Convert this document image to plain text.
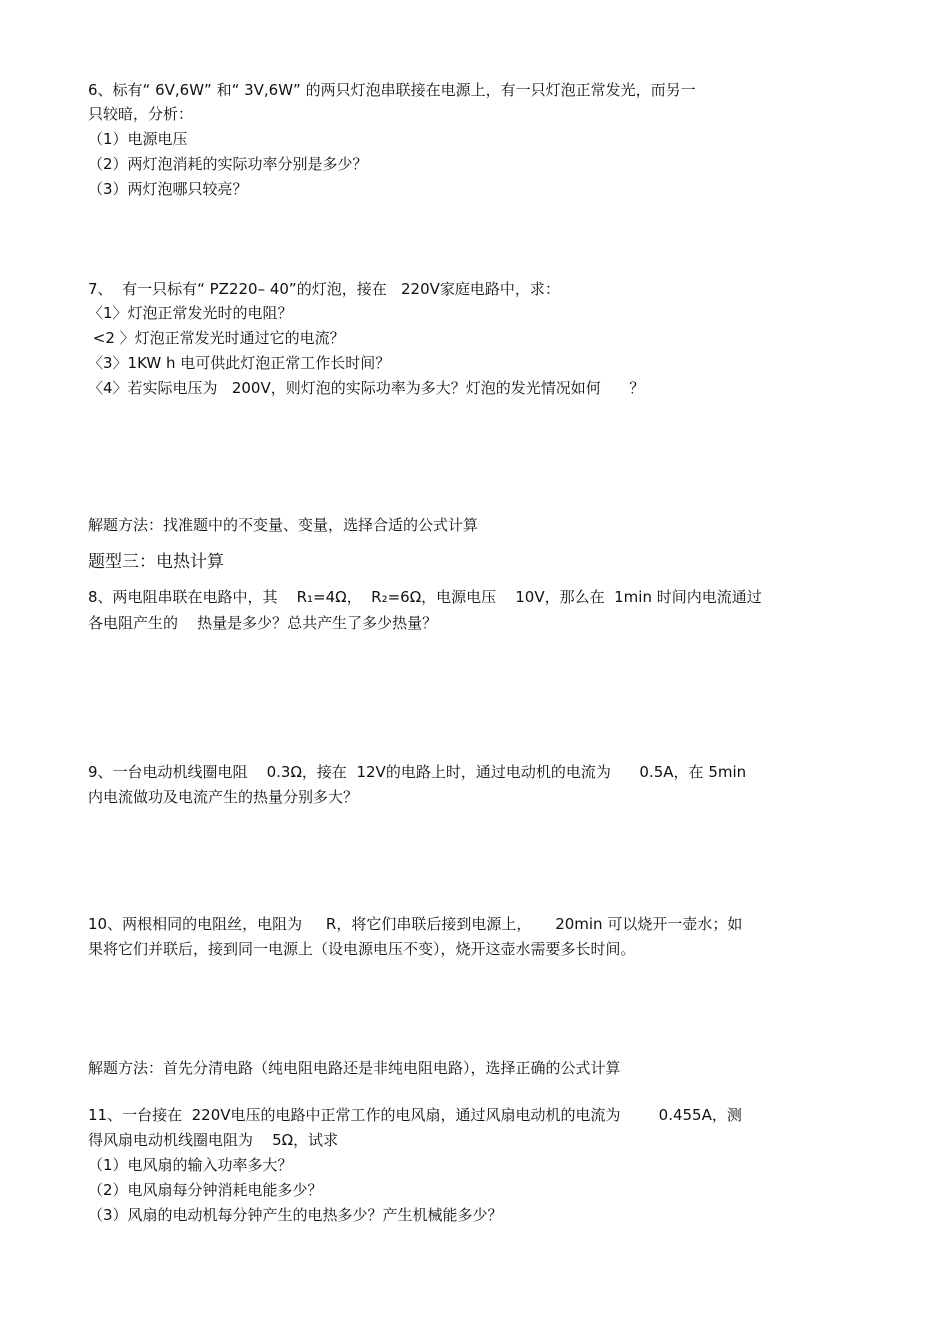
6、标有“ 6V,6W” 和“ 3V,6W” 的两只灯泡串联接在电源上，有一只灯泡正常发光，而另一
只较暗，分析：
（1）电源电压
（2）两灯泡消耗的实际功率分别是多少？
（3）两灯泡哪只较亮？
7、  有一只标有“ PZ220– 40”的灯泡，接在   220V家庭电路中，求：
〈1〉灯泡正常发光时的电阻？
<2 〉灯泡正常发光时通过它的电流？
〈3〉1KW h 电可供此灯泡正常工作长时间？
〈4〉若实际电压为   200V，则灯泡的实际功率为多大？灯泡的发光情况如何      ？
解题方法：找准题中的不变量、变量，选择合适的公式计算
题型三：电热计算
8、两电阻串联在电路中，其    R₁=4Ω，  R₂=6Ω，电源电压    10V，那么在  1min 时间内电流通过
各电阻产生的    热量是多少？总共产生了多少热量？
9、一台电动机线圈电阻    0.3Ω，接在  12V的电路上时，通过电动机的电流为      0.5A，在 5min
内电流做功及电流产生的热量分别多大？
10、两根相同的电阻丝，电阻为     R，将它们串联后接到电源上，     20min 可以烧开一壶水；如
果将它们并联后，接到同一电源上（设电源电压不变），烧开这壶水需要多长时间。
解题方法：首先分清电路（纯电阻电路还是非纯电阻电路），选择正确的公式计算
11、一台接在  220V电压的电路中正常工作的电风扇，通过风扇电动机的电流为        0.455A，测
得风扇电动机线圈电阻为    5Ω，试求
（1）电风扇的输入功率多大？
（2）电风扇每分钟消耗电能多少？
（3）风扇的电动机每分钟产生的电热多少？产生机械能多少？
